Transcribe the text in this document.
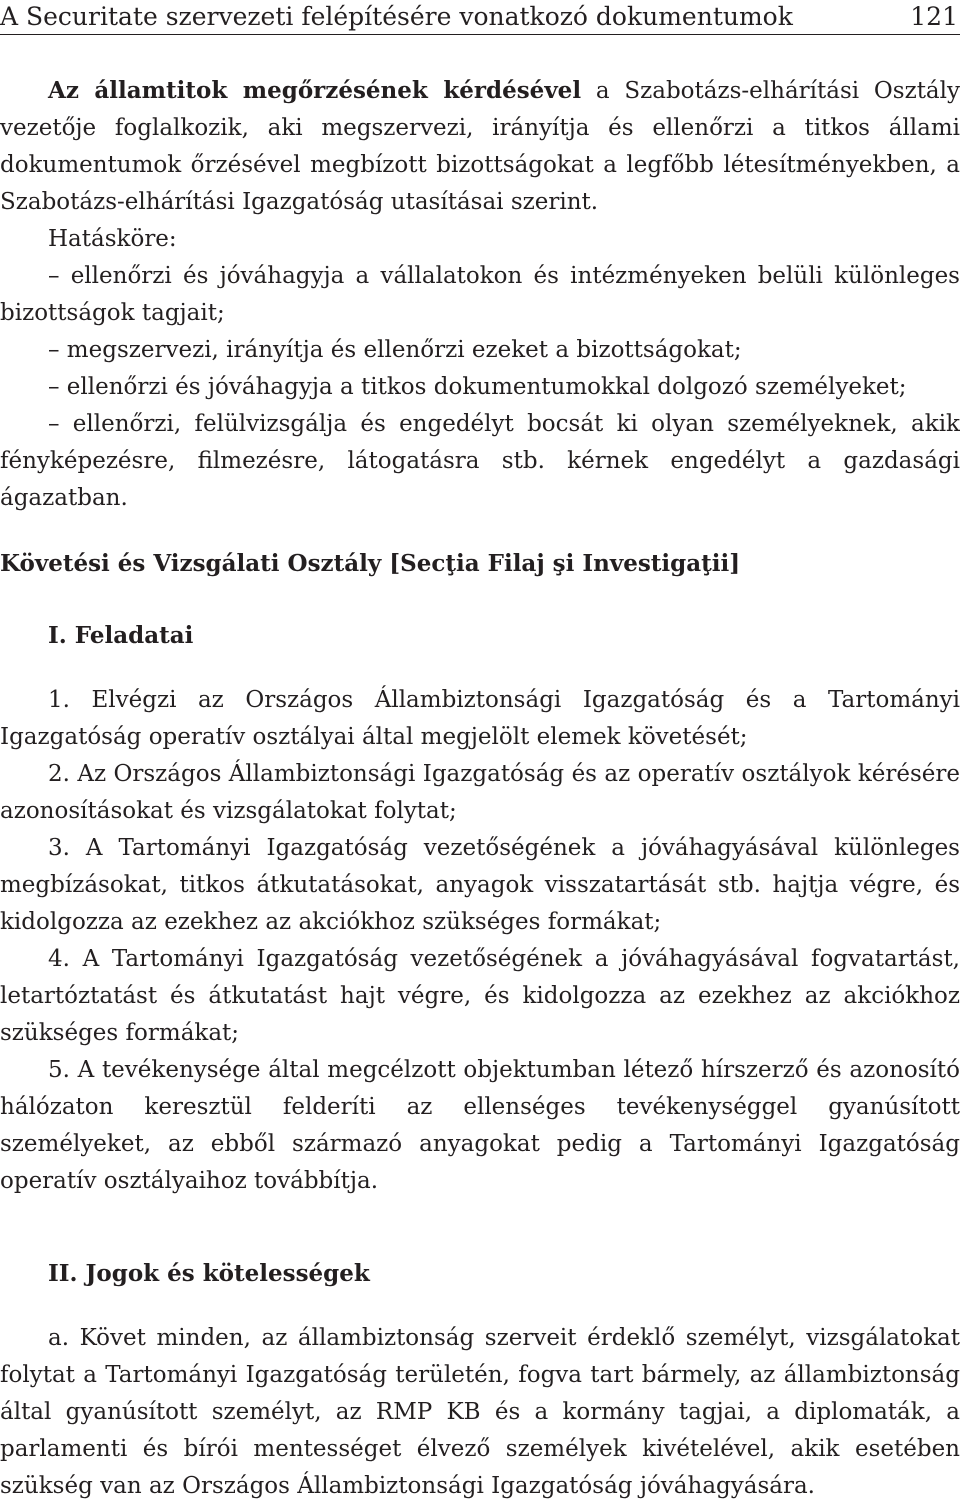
A Securitate szervezeti felépítésére vonatkozó dokumentumok	121

Az államtitok megőrzésének kérdésével a Szabotázs-elhárítási Osztály vezetője foglalkozik, aki megszervezi, irányítja és ellenőrzi a titkos állami dokumentumok őrzésével megbízott bizottságokat a legfőbb létesítményekben, a Szabotázs-elhárítási Igazgatóság utasításai szerint.

Hatásköre:

– ellenőrzi és jóváhagyja a vállalatokon és intézményeken belüli különleges bizottságok tagjait;

– megszervezi, irányítja és ellenőrzi ezeket a bizottságokat;

– ellenőrzi és jóváhagyja a titkos dokumentumokkal dolgozó személyeket;

– ellenőrzi, felülvizsgálja és engedélyt bocsát ki olyan személyeknek, akik fényképezésre, filmezésre, látogatásra stb. kérnek engedélyt a gazdasági ágazatban.

Követési és Vizsgálati Osztály [Secţia Filaj şi Investigaţii]

I. Feladatai

1. Elvégzi az Országos Állambiztonsági Igazgatóság és a Tartományi Igazgatóság operatív osztályai által megjelölt elemek követését;

2. Az Országos Állambiztonsági Igazgatóság és az operatív osztályok kérésére azonosításokat és vizsgálatokat folytat;

3. A Tartományi Igazgatóság vezetőségének a jóváhagyásával különleges megbízásokat, titkos átkutatásokat, anyagok visszatartását stb. hajtja végre, és kidolgozza az ezekhez az akciókhoz szükséges formákat;

4. A Tartományi Igazgatóság vezetőségének a jóváhagyásával fogvatartást, letartóztatást és átkutatást hajt végre, és kidolgozza az ezekhez az akciókhoz szükséges formákat;

5. A tevékenysége által megcélzott objektumban létező hírszerző és azonosító hálózaton keresztül felderíti az ellenséges tevékenységgel gyanúsított személyeket, az ebből származó anyagokat pedig a Tartományi Igazgatóság operatív osztályaihoz továbbítja.

II. Jogok és kötelességek

a. Követ minden, az állambiztonság szerveit érdeklő személyt, vizsgálatokat folytat a Tartományi Igazgatóság területén, fogva tart bármely, az állambiztonság által gyanúsított személyt, az RMP KB és a kormány tagjai, a diplomaták, a parlamenti és bírói mentességet élvező személyek kivételével, akik esetében szükség van az Országos Állambiztonsági Igazgatóság jóváhagyására.
